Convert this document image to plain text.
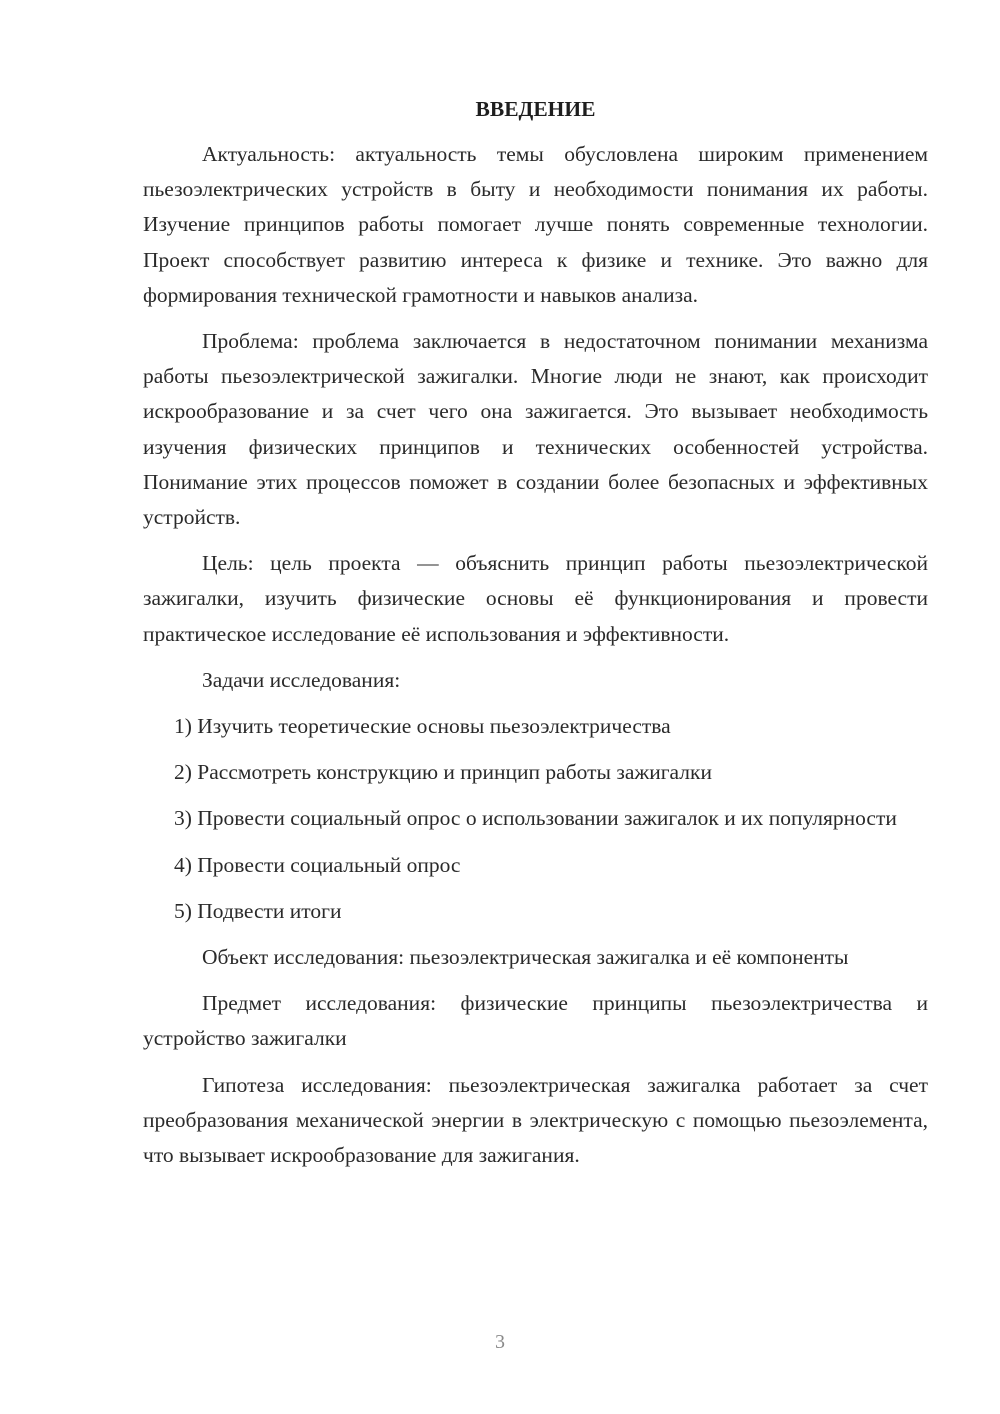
ВВЕДЕНИЕ

Актуальность: актуальность темы обусловлена широким применением пьезоэлектрических устройств в быту и необходимости понимания их работы. Изучение принципов работы помогает лучше понять современные технологии. Проект способствует развитию интереса к физике и технике. Это важно для формирования технической грамотности и навыков анализа.

Проблема: проблема заключается в недостаточном понимании механизма работы пьезоэлектрической зажигалки. Многие люди не знают, как происходит искрообразование и за счет чего она зажигается. Это вызывает необходимость изучения физических принципов и технических особенностей устройства. Понимание этих процессов поможет в создании более безопасных и эффективных устройств.

Цель: цель проекта — объяснить принцип работы пьезоэлектрической зажигалки, изучить физические основы её функционирования и провести практическое исследование её использования и эффективности.

Задачи исследования:

1) Изучить теоретические основы пьезоэлектричества

2) Рассмотреть конструкцию и принцип работы зажигалки

3) Провести социальный опрос о использовании зажигалок и их популярности

4) Провести социальный опрос

5) Подвести итоги

Объект исследования: пьезоэлектрическая зажигалка и её компоненты

Предмет исследования: физические принципы пьезоэлектричества и устройство зажигалки

Гипотеза исследования: пьезоэлектрическая зажигалка работает за счет преобразования механической энергии в электрическую с помощью пьезоэлемента, что вызывает искрообразование для зажигания.

3
